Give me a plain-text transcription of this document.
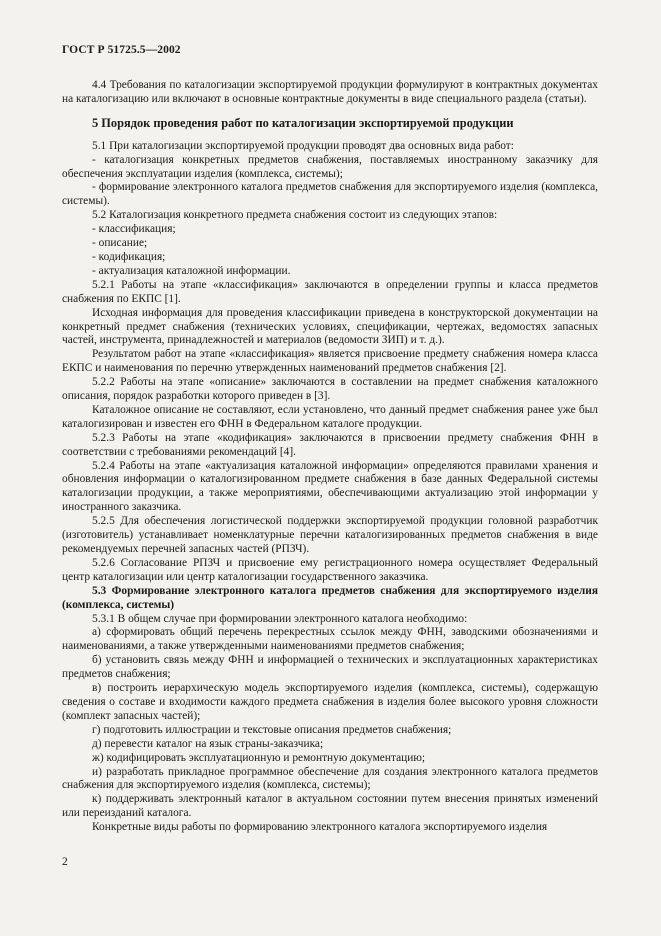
ГОСТ Р 51725.5—2002

4.4 Требования по каталогизации экспортируемой продукции формулируют в контрактных документах на каталогизацию или включают в основные контрактные документы в виде специального раздела (статьи).

5 Порядок проведения работ по каталогизации экспортируемой продукции

5.1 При каталогизации экспортируемой продукции проводят два основных вида работ:

- каталогизация конкретных предметов снабжения, поставляемых иностранному заказчику для обеспечения эксплуатации изделия (комплекса, системы);

- формирование электронного каталога предметов снабжения для экспортируемого изделия (комплекса, системы).

5.2 Каталогизация конкретного предмета снабжения состоит из следующих этапов:

- классификация;

- описание;

- кодификация;

- актуализация каталожной информации.

5.2.1 Работы на этапе «классификация» заключаются в определении группы и класса предметов снабжения по ЕКПС [1].

Исходная информация для проведения классификации приведена в конструкторской документации на конкретный предмет снабжения (технических условиях, спецификации, чертежах, ведомостях запасных частей, инструмента, принадлежностей и материалов (ведомости ЗИП) и т. д.).

Результатом работ на этапе «классификация» является присвоение предмету снабжения номера класса ЕКПС и наименования по перечню утвержденных наименований предметов снабжения [2].

5.2.2 Работы на этапе «описание» заключаются в составлении на предмет снабжения каталожного описания, порядок разработки которого приведен в [3].

Каталожное описание не составляют, если установлено, что данный предмет снабжения ранее уже был каталогизирован и известен его ФНН в Федеральном каталоге продукции.

5.2.3 Работы на этапе «кодификация» заключаются в присвоении предмету снабжения ФНН в соответствии с требованиями рекомендаций [4].

5.2.4 Работы на этапе «актуализация каталожной информации» определяются правилами хранения и обновления информации о каталогизированном предмете снабжения в базе данных Федеральной системы каталогизации продукции, а также мероприятиями, обеспечивающими актуализацию этой информации у иностранного заказчика.

5.2.5 Для обеспечения логистической поддержки экспортируемой продукции головной разработчик (изготовитель) устанавливает номенклатурные перечни каталогизированных предметов снабжения в виде рекомендуемых перечней запасных частей (РПЗЧ).

5.2.6 Согласование РПЗЧ и присвоение ему регистрационного номера осуществляет Федеральный центр каталогизации или центр каталогизации государственного заказчика.

5.3 Формирование электронного каталога предметов снабжения для экспортируемого изделия (комплекса, системы)

5.3.1 В общем случае при формировании электронного каталога необходимо:

а) сформировать общий перечень перекрестных ссылок между ФНН, заводскими обозначениями и наименованиями, а также утвержденными наименованиями предметов снабжения;

б) установить связь между ФНН и информацией о технических и эксплуатационных характеристиках предметов снабжения;

в) построить иерархическую модель экспортируемого изделия (комплекса, системы), содержащую сведения о составе и входимости каждого предмета снабжения в изделия более высокого уровня сложности (комплект запасных частей);

г) подготовить иллюстрации и текстовые описания предметов снабжения;

д) перевести каталог на язык страны-заказчика;

ж) кодифицировать эксплуатационную и ремонтную документацию;

и) разработать прикладное программное обеспечение для создания электронного каталога предметов снабжения для экспортируемого изделия (комплекса, системы);

к) поддерживать электронный каталог в актуальном состоянии путем внесения принятых изменений или переизданий каталога.

Конкретные виды работы по формированию электронного каталога экспортируемого изделия

2
